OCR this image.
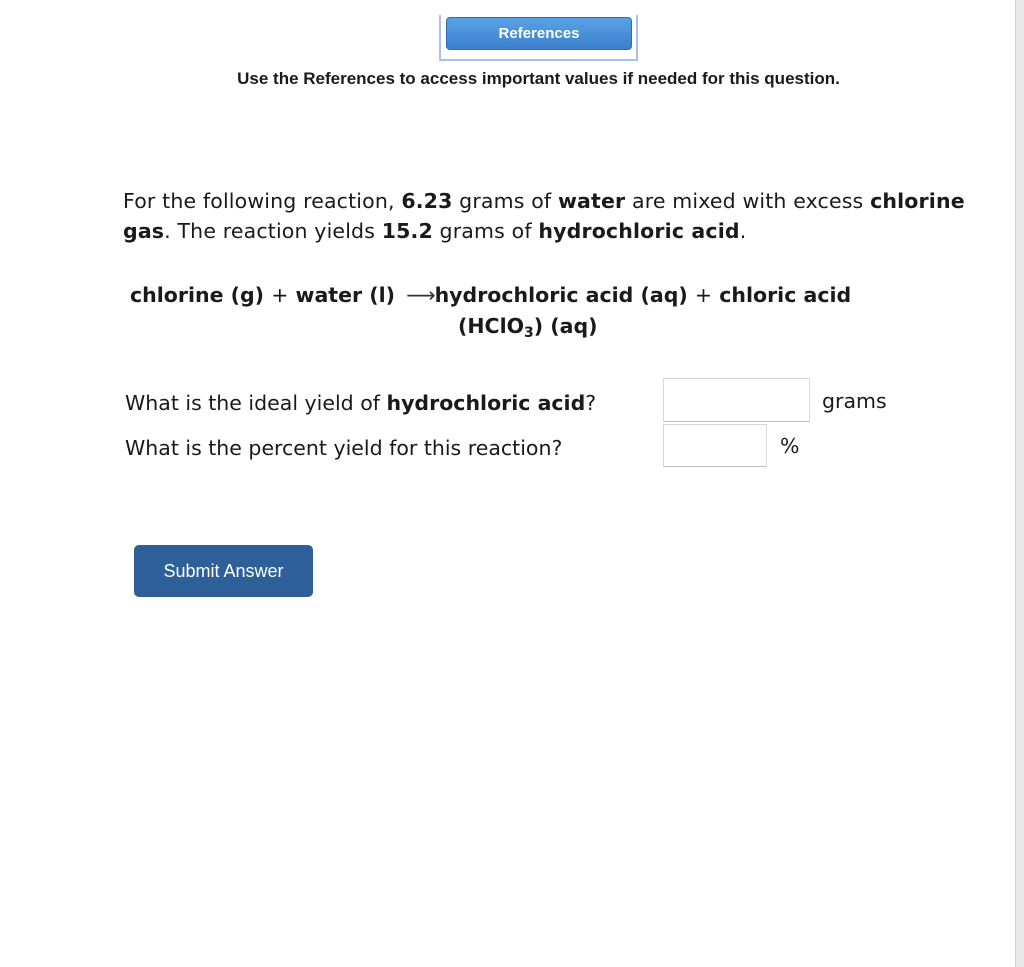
References
Use the References to access important values if needed for this question.
For the following reaction, 6.23 grams of water are mixed with excess chlorine gas. The reaction yields 15.2 grams of hydrochloric acid.
chlorine (g) + water (l) ⟶hydrochloric acid (aq) + chloric acid
(HClO$_3$) (aq)
What is the ideal yield of hydrochloric acid?	grams
What is the percent yield for this reaction?	%
Submit Answer
